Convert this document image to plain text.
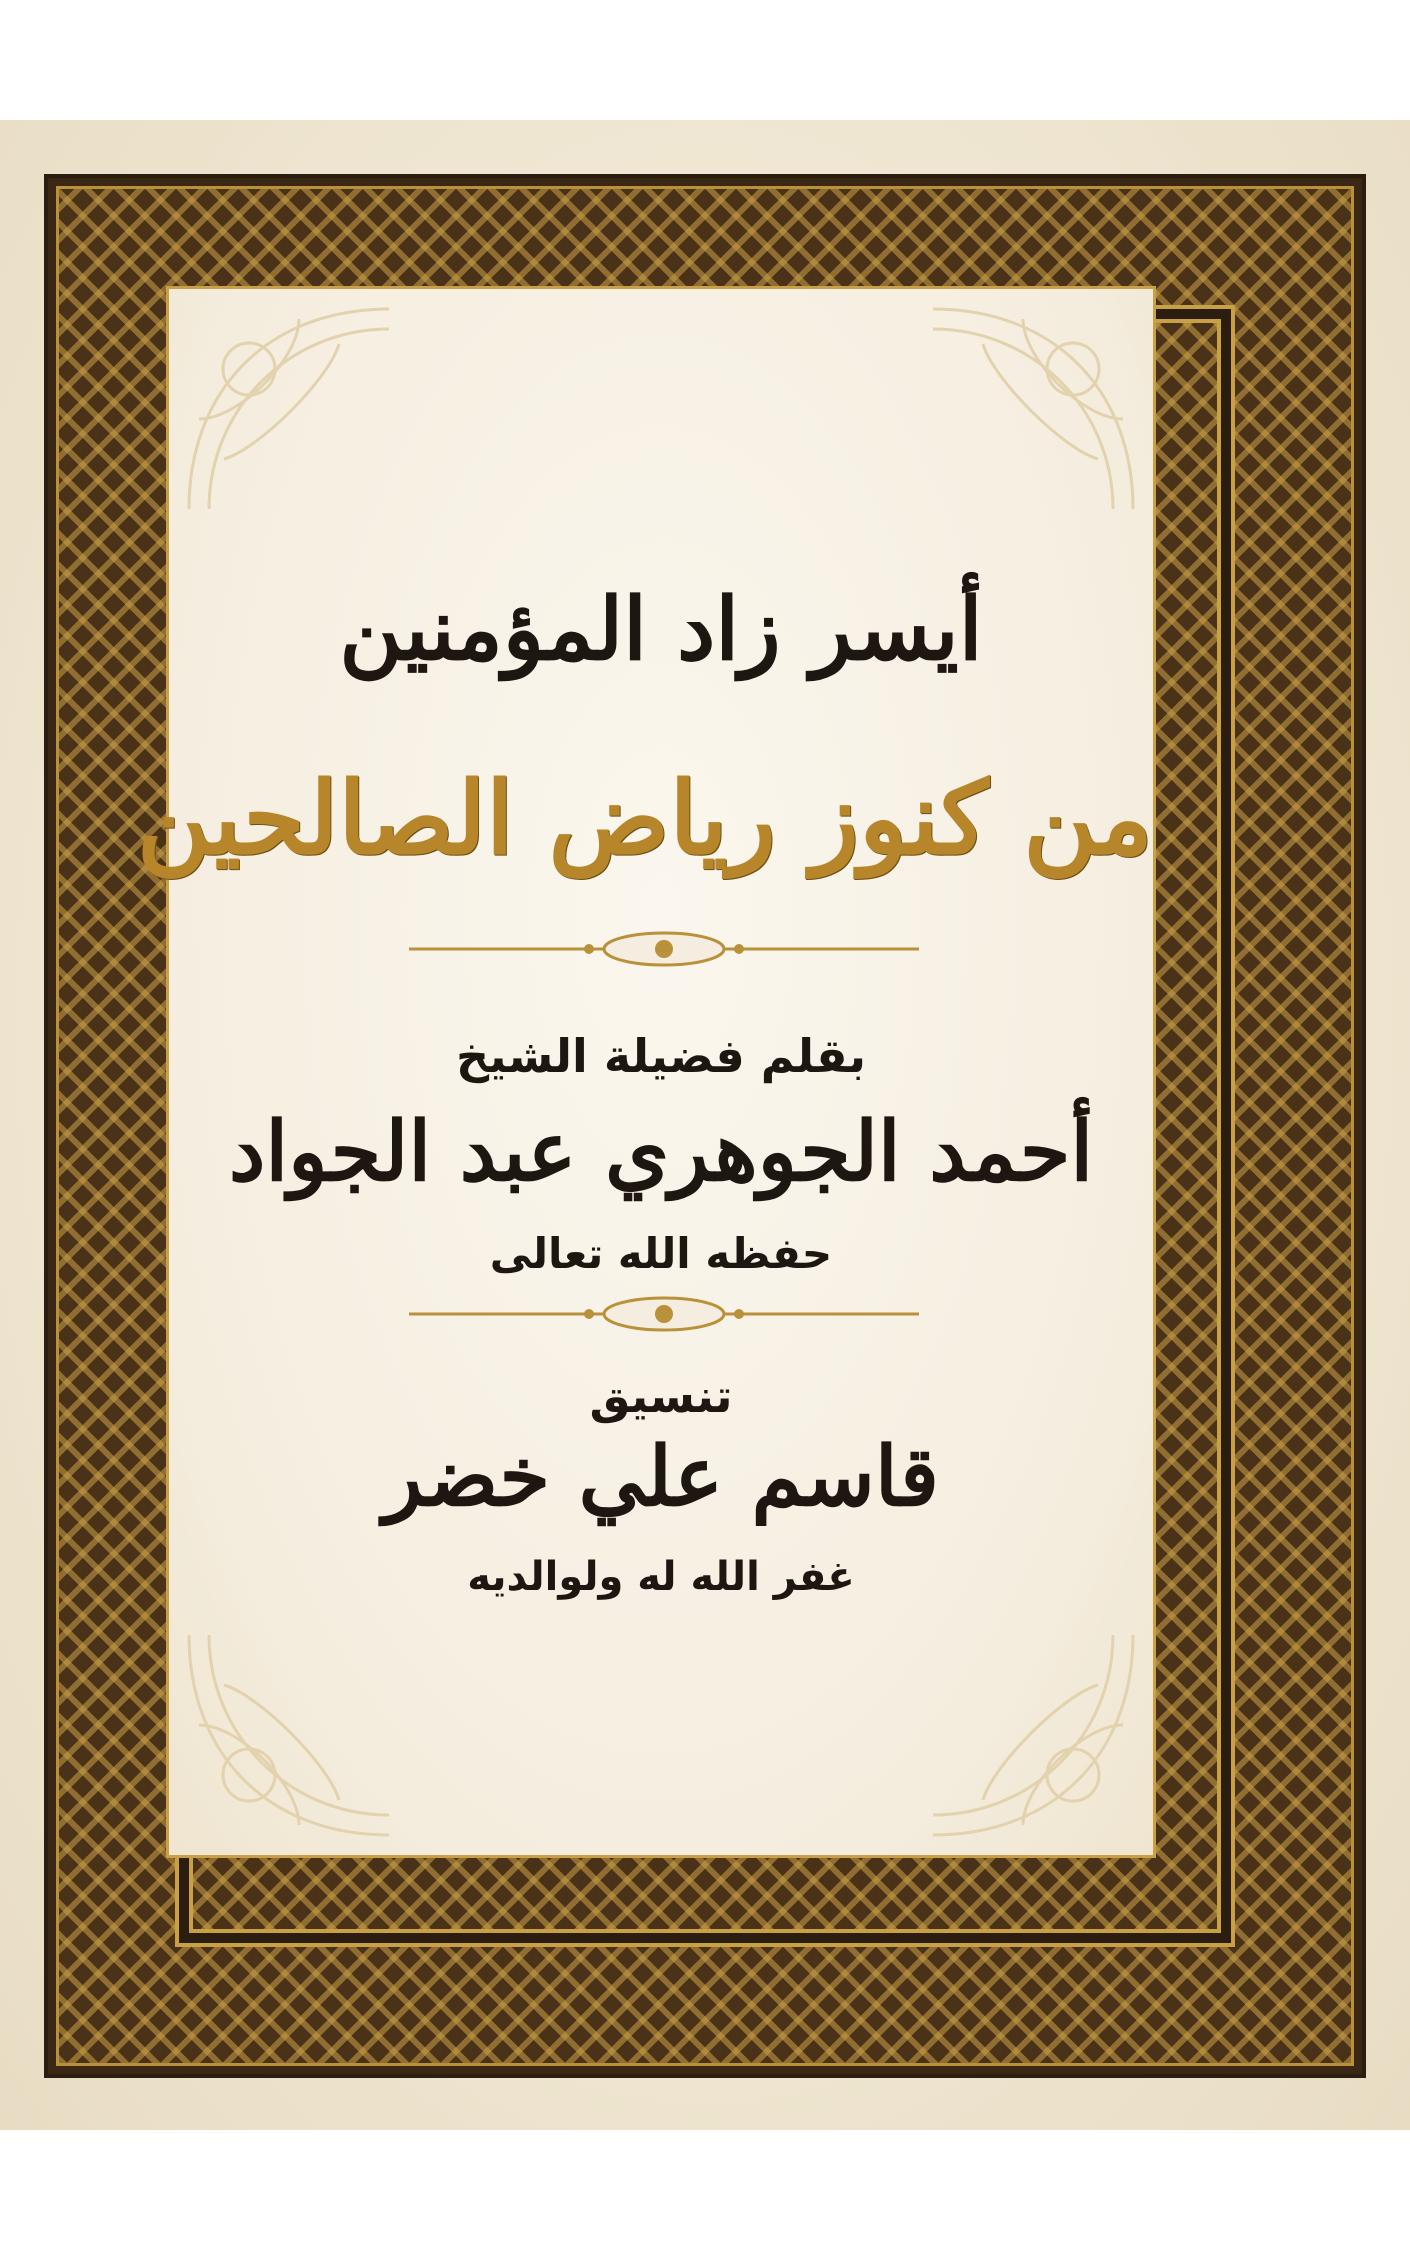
أيسر زاد المؤمنين
من كنوز رياض الصالحين
بقلم فضيلة الشيخ
أحمد الجوهري عبد الجواد
حفظه الله تعالى
تنسيق
قاسم علي خضر
غفر الله له ولوالديه
